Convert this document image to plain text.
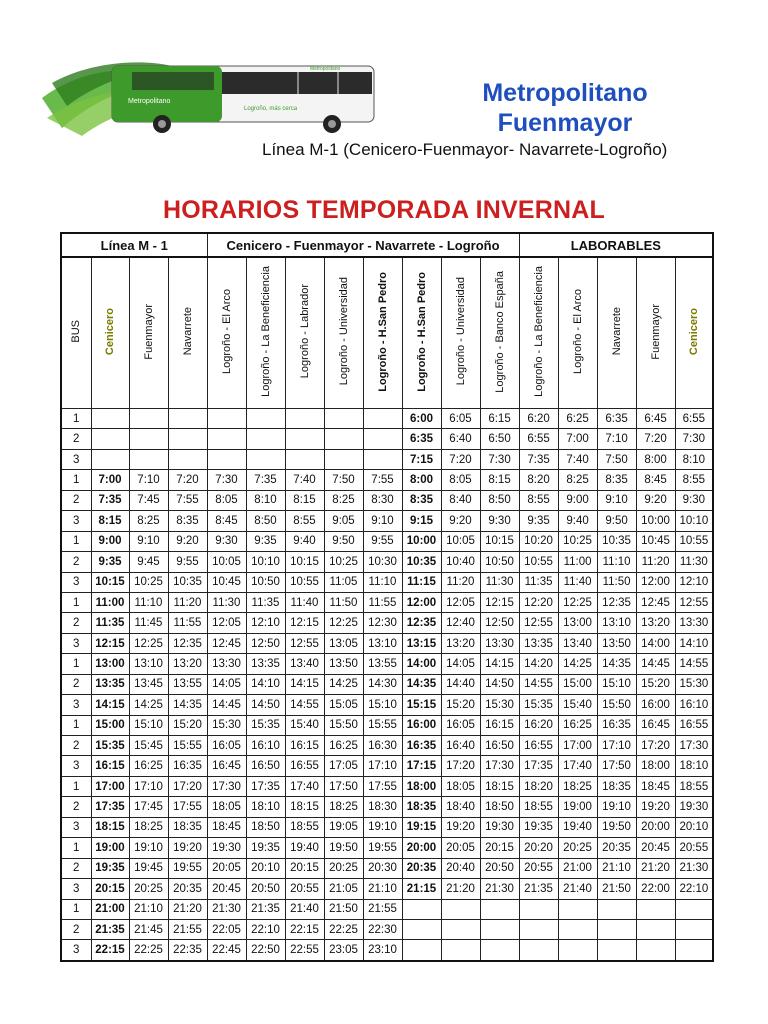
Metropolitano
Logroño, más cerca
Metropolitano
Metropolitano
Fuenmayor
Línea M-1 (Cenicero-Fuenmayor- Navarrete-Logroño)
HORARIOS TEMPORADA INVERNAL
Línea M - 1				Cenicero - Fuenmayor - Navarrete - Logroño								LABORABLES				
BUS	Cenicero	Fuenmayor	Navarrete	Logroño - El Arco	Logroño - La Beneficiencia	Logroño - Labrador	Logroño - Universidad	Logroño - H.San Pedro	Logroño - H.San Pedro	Logroño - Universidad	Logroño - Banco España	Logroño - La Beneficiencia	Logroño - El Arco	Navarrete	Fuenmayor	Cenicero
1									6:00	6:05	6:15	6:20	6:25	6:35	6:45	6:55
2									6:35	6:40	6:50	6:55	7:00	7:10	7:20	7:30
3									7:15	7:20	7:30	7:35	7:40	7:50	8:00	8:10
1	7:00	7:10	7:20	7:30	7:35	7:40	7:50	7:55	8:00	8:05	8:15	8:20	8:25	8:35	8:45	8:55
2	7:35	7:45	7:55	8:05	8:10	8:15	8:25	8:30	8:35	8:40	8:50	8:55	9:00	9:10	9:20	9:30
3	8:15	8:25	8:35	8:45	8:50	8:55	9:05	9:10	9:15	9:20	9:30	9:35	9:40	9:50	10:00	10:10
1	9:00	9:10	9:20	9:30	9:35	9:40	9:50	9:55	10:00	10:05	10:15	10:20	10:25	10:35	10:45	10:55
2	9:35	9:45	9:55	10:05	10:10	10:15	10:25	10:30	10:35	10:40	10:50	10:55	11:00	11:10	11:20	11:30
3	10:15	10:25	10:35	10:45	10:50	10:55	11:05	11:10	11:15	11:20	11:30	11:35	11:40	11:50	12:00	12:10
1	11:00	11:10	11:20	11:30	11:35	11:40	11:50	11:55	12:00	12:05	12:15	12:20	12:25	12:35	12:45	12:55
2	11:35	11:45	11:55	12:05	12:10	12:15	12:25	12:30	12:35	12:40	12:50	12:55	13:00	13:10	13:20	13:30
3	12:15	12:25	12:35	12:45	12:50	12:55	13:05	13:10	13:15	13:20	13:30	13:35	13:40	13:50	14:00	14:10
1	13:00	13:10	13:20	13:30	13:35	13:40	13:50	13:55	14:00	14:05	14:15	14:20	14:25	14:35	14:45	14:55
2	13:35	13:45	13:55	14:05	14:10	14:15	14:25	14:30	14:35	14:40	14:50	14:55	15:00	15:10	15:20	15:30
3	14:15	14:25	14:35	14:45	14:50	14:55	15:05	15:10	15:15	15:20	15:30	15:35	15:40	15:50	16:00	16:10
1	15:00	15:10	15:20	15:30	15:35	15:40	15:50	15:55	16:00	16:05	16:15	16:20	16:25	16:35	16:45	16:55
2	15:35	15:45	15:55	16:05	16:10	16:15	16:25	16:30	16:35	16:40	16:50	16:55	17:00	17:10	17:20	17:30
3	16:15	16:25	16:35	16:45	16:50	16:55	17:05	17:10	17:15	17:20	17:30	17:35	17:40	17:50	18:00	18:10
1	17:00	17:10	17:20	17:30	17:35	17:40	17:50	17:55	18:00	18:05	18:15	18:20	18:25	18:35	18:45	18:55
2	17:35	17:45	17:55	18:05	18:10	18:15	18:25	18:30	18:35	18:40	18:50	18:55	19:00	19:10	19:20	19:30
3	18:15	18:25	18:35	18:45	18:50	18:55	19:05	19:10	19:15	19:20	19:30	19:35	19:40	19:50	20:00	20:10
1	19:00	19:10	19:20	19:30	19:35	19:40	19:50	19:55	20:00	20:05	20:15	20:20	20:25	20:35	20:45	20:55
2	19:35	19:45	19:55	20:05	20:10	20:15	20:25	20:30	20:35	20:40	20:50	20:55	21:00	21:10	21:20	21:30
3	20:15	20:25	20:35	20:45	20:50	20:55	21:05	21:10	21:15	21:20	21:30	21:35	21:40	21:50	22:00	22:10
1	21:00	21:10	21:20	21:30	21:35	21:40	21:50	21:55								
2	21:35	21:45	21:55	22:05	22:10	22:15	22:25	22:30								
3	22:15	22:25	22:35	22:45	22:50	22:55	23:05	23:10								
